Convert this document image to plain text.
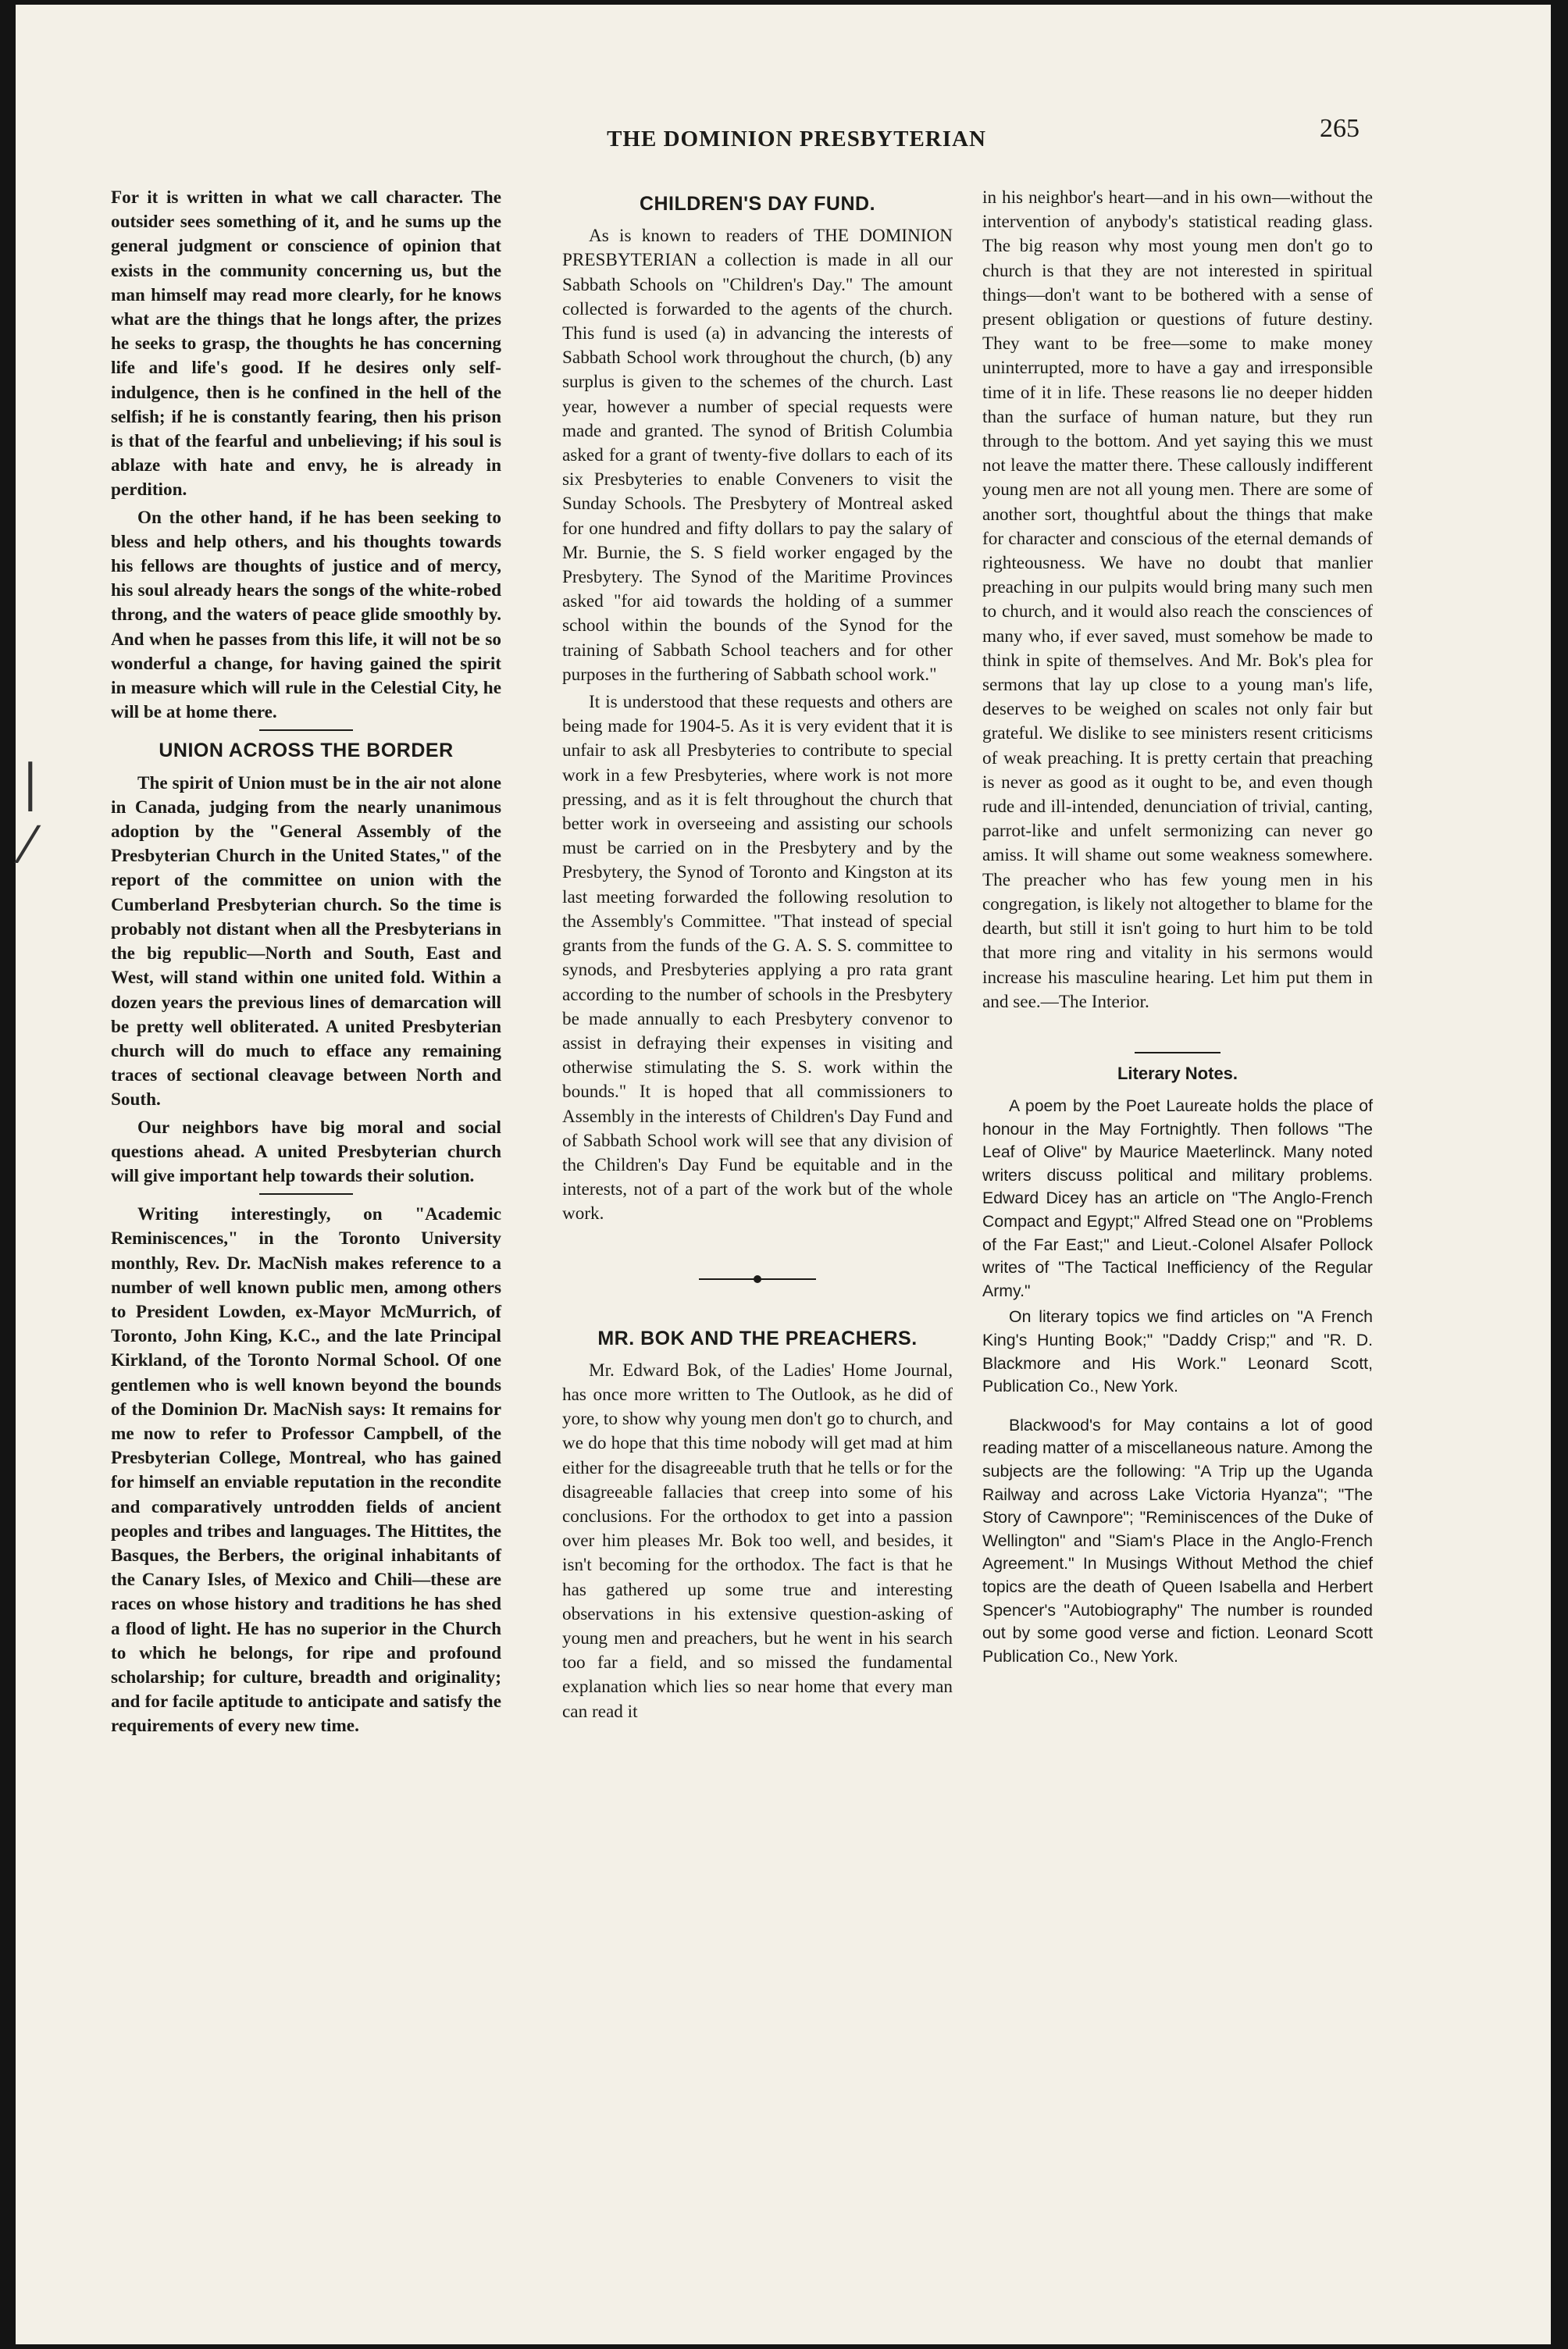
|
⁄
THE DOMINION PRESBYTERIAN	265

For it is written in what we call character. The outsider sees something of it, and he sums up the general judgment or conscience of opinion that exists in the community concerning us, but the man himself may read more clearly, for he knows what are the things that he longs after, the prizes he seeks to grasp, the thoughts he has concerning life and life's good. If he desires only self-indulgence, then is he confined in the hell of the selfish; if he is constantly fearing, then his prison is that of the fearful and unbelieving; if his soul is ablaze with hate and envy, he is already in perdition.

On the other hand, if he has been seeking to bless and help others, and his thoughts towards his fellows are thoughts of justice and of mercy, his soul already hears the songs of the white-robed throng, and the waters of peace glide smoothly by. And when he passes from this life, it will not be so wonderful a change, for having gained the spirit in measure which will rule in the Celestial City, he will be at home there.

UNION ACROSS THE BORDER

The spirit of Union must be in the air not alone in Canada, judging from the nearly unanimous adoption by the "General Assembly of the Presbyterian Church in the United States," of the report of the committee on union with the Cumberland Presbyterian church. So the time is probably not distant when all the Presbyterians in the big republic—North and South, East and West, will stand within one united fold. Within a dozen years the previous lines of demarcation will be pretty well obliterated. A united Presbyterian church will do much to efface any remaining traces of sectional cleavage between North and South.

Our neighbors have big moral and social questions ahead. A united Presbyterian church will give important help towards their solution.

Writing interestingly, on "Academic Reminiscences," in the Toronto University monthly, Rev. Dr. MacNish makes reference to a number of well known public men, among others to President Lowden, ex-Mayor McMurrich, of Toronto, John King, K.C., and the late Principal Kirkland, of the Toronto Normal School. Of one gentlemen who is well known beyond the bounds of the Dominion Dr. MacNish says: It remains for me now to refer to Professor Campbell, of the Presbyterian College, Montreal, who has gained for himself an enviable reputation in the recondite and comparatively untrodden fields of ancient peoples and tribes and languages. The Hittites, the Basques, the Berbers, the original inhabitants of the Canary Isles, of Mexico and Chili—these are races on whose history and traditions he has shed a flood of light. He has no superior in the Church to which he belongs, for ripe and profound scholarship; for culture, breadth and originality; and for facile aptitude to anticipate and satisfy the requirements of every new time.

CHILDREN'S DAY FUND.

As is known to readers of THE DOMINION PRESBYTERIAN a collection is made in all our Sabbath Schools on "Children's Day." The amount collected is forwarded to the agents of the church. This fund is used (a) in advancing the interests of Sabbath School work throughout the church, (b) any surplus is given to the schemes of the church. Last year, however a number of special requests were made and granted. The synod of British Columbia asked for a grant of twenty-five dollars to each of its six Presbyteries to enable Conveners to visit the Sunday Schools. The Presbytery of Montreal asked for one hundred and fifty dollars to pay the salary of Mr. Burnie, the S. S field worker engaged by the Presbytery. The Synod of the Maritime Provinces asked "for aid towards the holding of a summer school within the bounds of the Synod for the training of Sabbath School teachers and for other purposes in the furthering of Sabbath school work."

It is understood that these requests and others are being made for 1904-5. As it is very evident that it is unfair to ask all Presbyteries to contribute to special work in a few Presbyteries, where work is not more pressing, and as it is felt throughout the church that better work in overseeing and assisting our schools must be carried on in the Presbytery and by the Presbytery, the Synod of Toronto and Kingston at its last meeting forwarded the following resolution to the Assembly's Committee. "That instead of special grants from the funds of the G. A. S. S. committee to synods, and Presbyteries applying a pro rata grant according to the number of schools in the Presbytery be made annually to each Presbytery convenor to assist in defraying their expenses in visiting and otherwise stimulating the S. S. work within the bounds." It is hoped that all commissioners to Assembly in the interests of Children's Day Fund and of Sabbath School work will see that any division of the Children's Day Fund be equitable and in the interests, not of a part of the work but of the whole work.

MR. BOK AND THE PREACHERS.

Mr. Edward Bok, of the Ladies' Home Journal, has once more written to The Outlook, as he did of yore, to show why young men don't go to church, and we do hope that this time nobody will get mad at him either for the disagreeable truth that he tells or for the disagreeable fallacies that creep into some of his conclusions. For the orthodox to get into a passion over him pleases Mr. Bok too well, and besides, it isn't becoming for the orthodox. The fact is that he has gathered up some true and interesting observations in his extensive question-asking of young men and preachers, but he went in his search too far a field, and so missed the fundamental explanation which lies so near home that every man can read it

in his neighbor's heart—and in his own—without the intervention of anybody's statistical reading glass. The big reason why most young men don't go to church is that they are not interested in spiritual things—don't want to be bothered with a sense of present obligation or questions of future destiny. They want to be free—some to make money uninterrupted, more to have a gay and irresponsible time of it in life. These reasons lie no deeper hidden than the surface of human nature, but they run through to the bottom. And yet saying this we must not leave the matter there. These callously indifferent young men are not all young men. There are some of another sort, thoughtful about the things that make for character and conscious of the eternal demands of righteousness. We have no doubt that manlier preaching in our pulpits would bring many such men to church, and it would also reach the consciences of many who, if ever saved, must somehow be made to think in spite of themselves. And Mr. Bok's plea for sermons that lay up close to a young man's life, deserves to be weighed on scales not only fair but grateful. We dislike to see ministers resent criticisms of weak preaching. It is pretty certain that preaching is never as good as it ought to be, and even though rude and ill-intended, denunciation of trivial, canting, parrot-like and unfelt sermonizing can never go amiss. It will shame out some weakness somewhere. The preacher who has few young men in his congregation, is likely not altogether to blame for the dearth, but still it isn't going to hurt him to be told that more ring and vitality in his sermons would increase his masculine hearing. Let him put them in and see.—The Interior.

Literary Notes.

A poem by the Poet Laureate holds the place of honour in the May Fortnightly. Then follows "The Leaf of Olive" by Maurice Maeterlinck. Many noted writers discuss political and military problems. Edward Dicey has an article on "The Anglo-French Compact and Egypt;" Alfred Stead one on "Problems of the Far East;" and Lieut.-Colonel Alsafer Pollock writes of "The Tactical Inefficiency of the Regular Army."

On literary topics we find articles on "A French King's Hunting Book;" "Daddy Crisp;" and "R. D. Blackmore and His Work." Leonard Scott, Publication Co., New York.

Blackwood's for May contains a lot of good reading matter of a miscellaneous nature. Among the subjects are the following: "A Trip up the Uganda Railway and across Lake Victoria Hyanza"; "The Story of Cawnpore"; "Reminiscences of the Duke of Wellington" and "Siam's Place in the Anglo-French Agreement." In Musings Without Method the chief topics are the death of Queen Isabella and Herbert Spencer's "Autobiography" The number is rounded out by some good verse and fiction. Leonard Scott Publication Co., New York.
